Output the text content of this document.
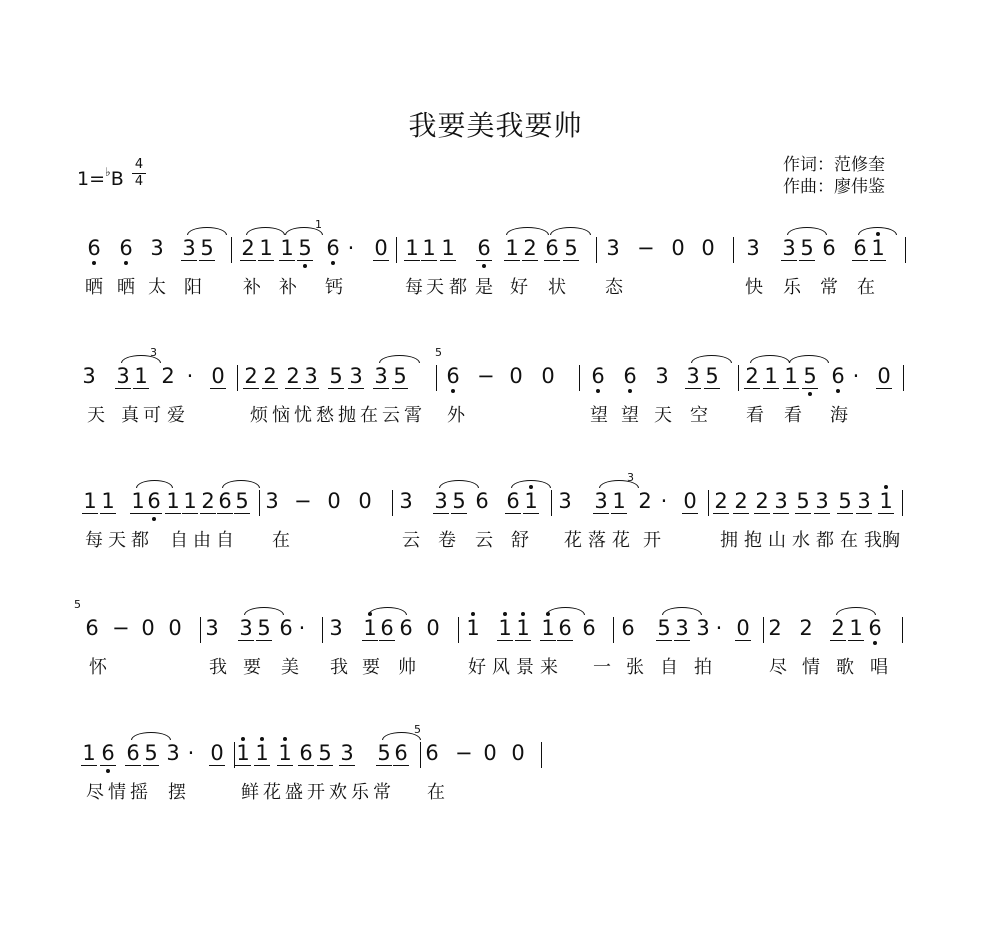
我要美我要帅
1=♭B
4
4
作词：范修奎
作曲：廖伟鉴
6 6 3 3 5 2 1 1 5 6
1
· 0 1 1 1 6 1 2 6 5 3 − 0 0 3 3 5 6 6 1
晒 晒 太 阳 补 补 钙	每 天 都 是 好 状 态	快 乐 常 在
3 3 1 2
3
· 0 2 2 2 3 5 3 3 5 6
5
− 0 0 6 6 3 3 5 2 1 1 5 6 · 0
天 真 可 爱	烦 恼 忧 愁 抛 在 云 霄 外	望 望 天 空 看 看 海
1 1 1 6 1 1 2 6 5 3 − 0 0 3 3 5 6 6 1 3 3 1 2
3
· 0 2 2 2 3 5 3 5 3 1
每 天 都 自 由 自 在	云 卷 云 舒 花 落 花 开	拥 抱 山 水 都 在 我 胸
6
5
− 0 0 3 3 5 6 · 3 1 6 6 0 1 1 1 1 6 6 6 5 3 3 · 0 2 2 2 1 6
怀	我 要 美 我 要 帅	好 风 景 来 一 张 自 拍	尽 情 歌 唱
1 6 6 5 3 · 0 1 1 1 6 5 3 5 6 6
5
− 0 0
尽 情 摇 摆	鲜 花 盛 开 欢 乐 常 在
